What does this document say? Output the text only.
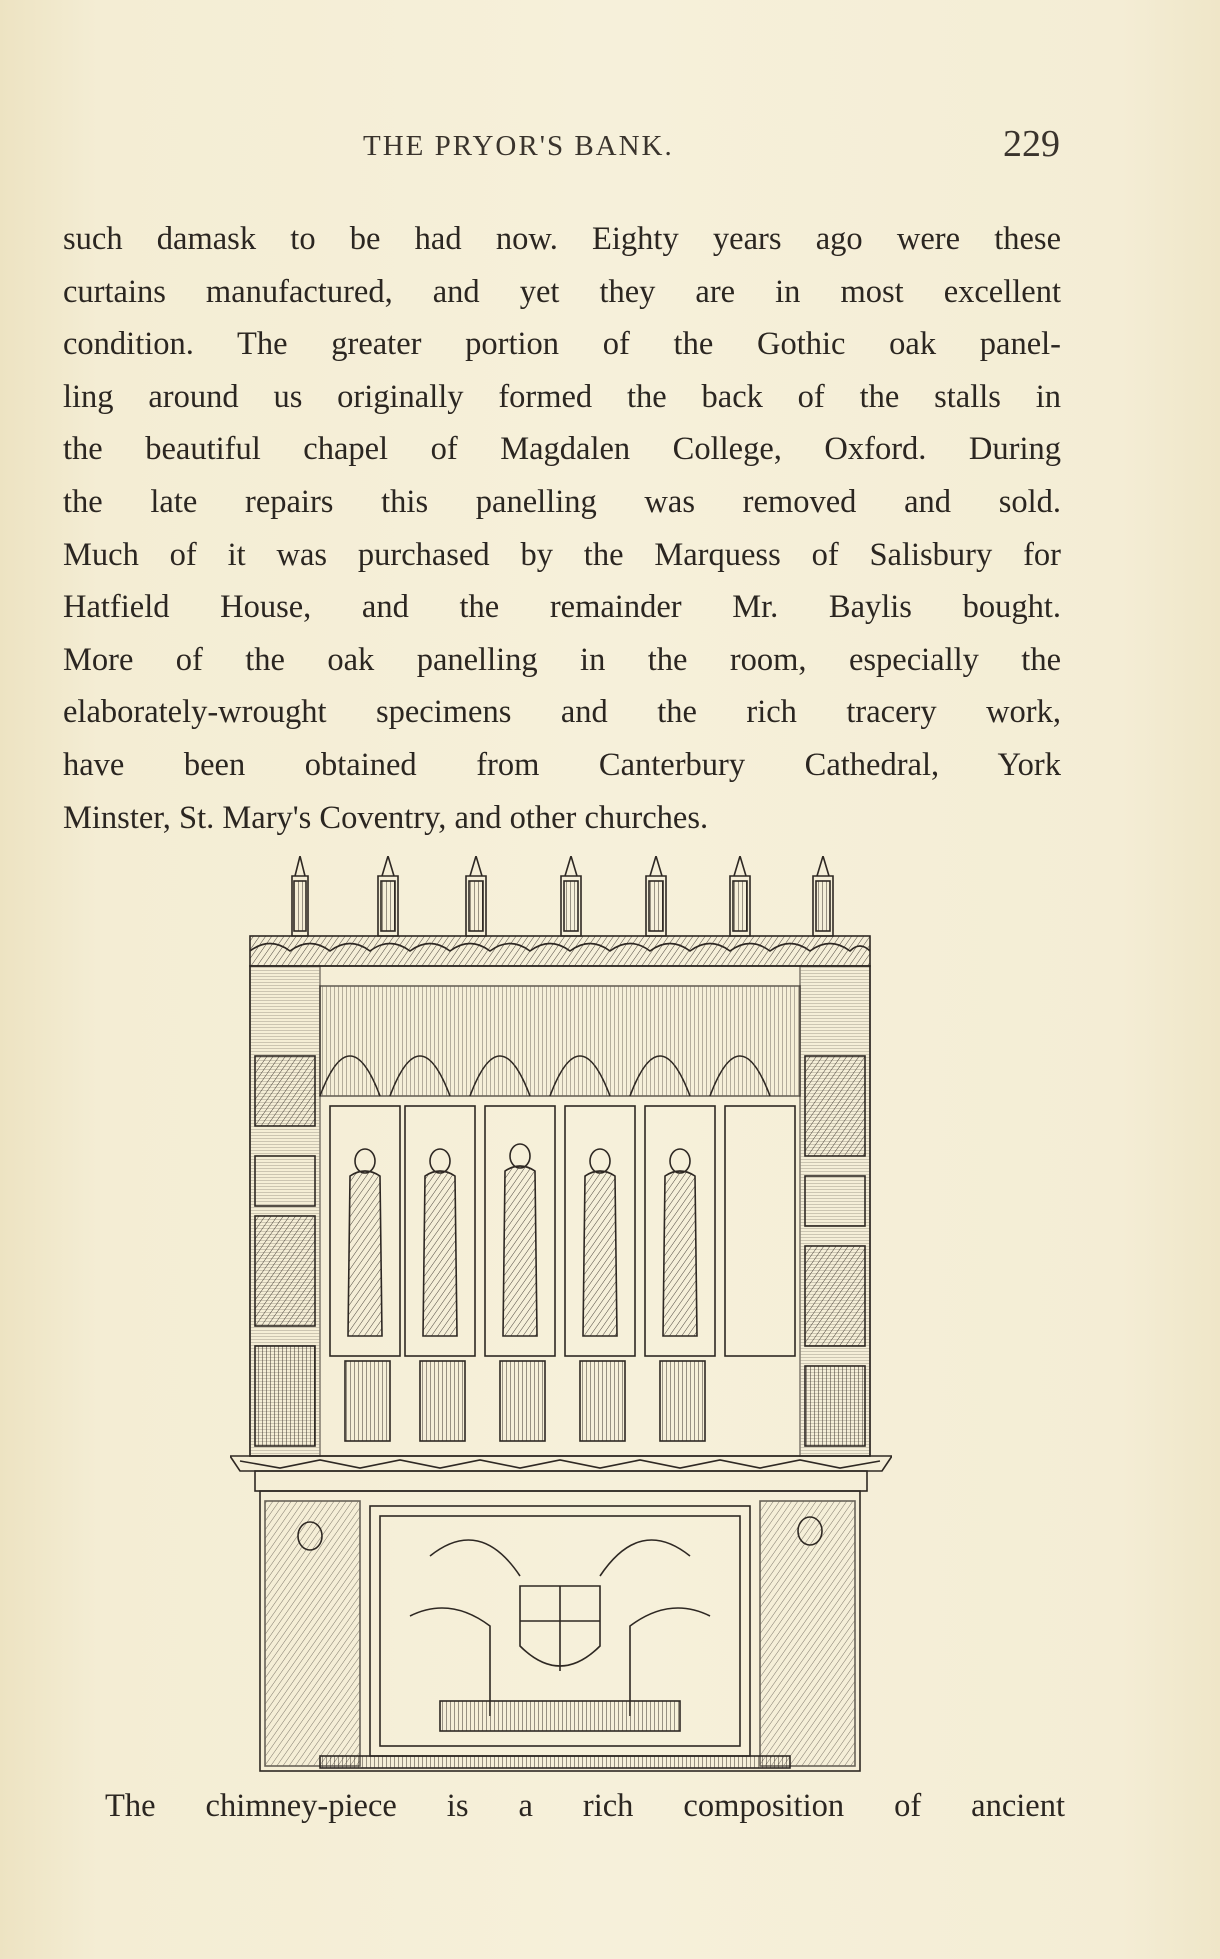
THE PRYOR'S BANK.	229
such damask to be had now. Eighty years ago were these
curtains manufactured, and yet they are in most excellent
condition. The greater portion of the Gothic oak panel-
ling around us originally formed the back of the stalls in
the beautiful chapel of Magdalen College, Oxford. During
the late repairs this panelling was removed and sold.
Much of it was purchased by the Marquess of Salisbury for
Hatfield House, and the remainder Mr. Baylis bought.
More of the oak panelling in the room, especially the
elaborately-wrought specimens and the rich tracery work,
have been obtained from Canterbury Cathedral, York
Minster, St. Mary's Coventry, and other churches.
The chimney-piece is a rich composition of ancient
